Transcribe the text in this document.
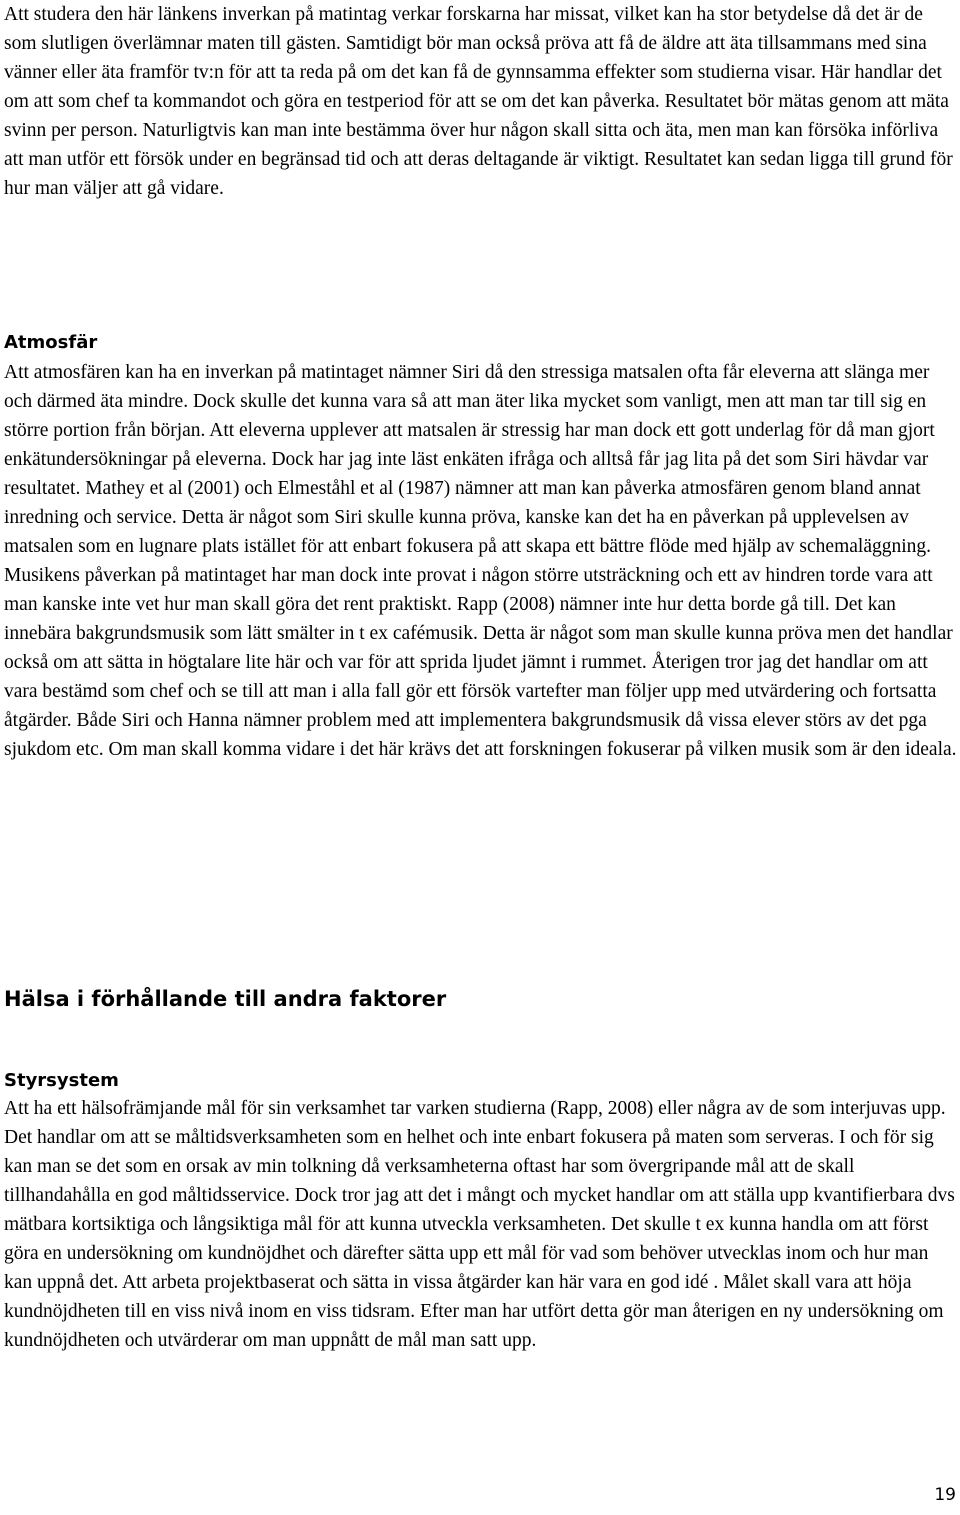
Att studera den här länkens inverkan på matintag verkar forskarna har missat, vilket kan ha stor betydelse då det är de som slutligen överlämnar maten till gästen. Samtidigt bör man också pröva att få de äldre att äta tillsammans med sina vänner eller äta framför tv:n för att ta reda på om det kan få de gynnsamma effekter som studierna visar. Här handlar det om att som chef ta kommandot och göra en testperiod för att se om det kan påverka. Resultatet bör mätas genom att mäta svinn per person. Naturligtvis kan man inte bestämma över hur någon skall sitta och äta, men man kan försöka införliva att man utför ett försök under en begränsad tid och att deras deltagande är viktigt. Resultatet kan sedan ligga till grund för hur man väljer att gå vidare.

Atmosfär

Att atmosfären kan ha en inverkan på matintaget nämner Siri då den stressiga matsalen ofta får eleverna att slänga mer och därmed äta mindre. Dock skulle det kunna vara så att man äter lika mycket som vanligt, men att man tar till sig en större portion från början. Att eleverna upplever att matsalen är stressig har man dock ett gott underlag för då man gjort enkätundersökningar på eleverna. Dock har jag inte läst enkäten ifråga och alltså får jag lita på det som Siri hävdar var resultatet. Mathey et al (2001) och Elmeståhl et al (1987) nämner att man kan påverka atmosfären genom bland annat inredning och service. Detta är något som Siri skulle kunna pröva, kanske kan det ha en påverkan på upplevelsen av matsalen som en lugnare plats istället för att enbart fokusera på att skapa ett bättre flöde med hjälp av schemaläggning. Musikens påverkan på matintaget har man dock inte provat i någon större utsträckning och ett av hindren torde vara att man kanske inte vet hur man skall göra det rent praktiskt. Rapp (2008) nämner inte hur detta borde gå till. Det kan innebära bakgrundsmusik som lätt smälter in t ex cafémusik. Detta är något som man skulle kunna pröva men det handlar också om att sätta in högtalare lite här och var för att sprida ljudet jämnt i rummet. Återigen tror jag det handlar om att vara bestämd som chef och se till att man i alla fall gör ett försök vartefter man följer upp med utvärdering och fortsatta åtgärder. Både Siri och Hanna nämner problem med att implementera bakgrundsmusik då vissa elever störs av det pga sjukdom etc. Om man skall komma vidare i det här krävs det att forskningen fokuserar på vilken musik som är den ideala.

Hälsa i förhållande till andra faktorer
Styrsystem

Att ha ett hälsofrämjande mål för sin verksamhet tar varken studierna (Rapp, 2008) eller några av de som interjuvas upp. Det handlar om att se måltidsverksamheten som en helhet och inte enbart fokusera på maten som serveras. I och för sig kan man se det som en orsak av min tolkning då verksamheterna oftast har som övergripande mål att de skall tillhandahålla en god måltidsservice. Dock tror jag att det i mångt och mycket handlar om att ställa upp kvantifierbara dvs mätbara kortsiktiga och långsiktiga mål för att kunna utveckla verksamheten. Det skulle t ex kunna handla om att först göra en undersökning om kundnöjdhet och därefter sätta upp ett mål för vad som behöver utvecklas inom och hur man kan uppnå det. Att arbeta projektbaserat och sätta in vissa åtgärder kan här vara en god idé . Målet skall vara att höja kundnöjdheten till en viss nivå inom en viss tidsram. Efter man har utfört detta gör man återigen en ny undersökning om kundnöjdheten och utvärderar om man uppnått de mål man satt upp.

19
